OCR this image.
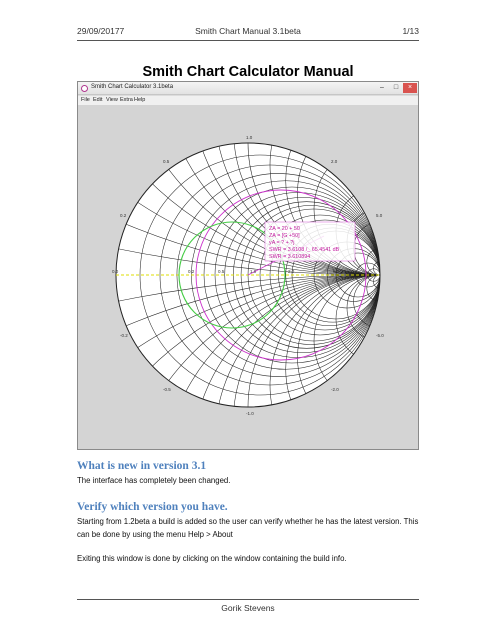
29/09/20177	Smith Chart Manual 3.1beta	1/13
Smith Chart Calculator Manual
Smith Chart Calculator 3.1beta	–	□	×
File Edit View Extra Help
0.2	0.5	1.0	2.0	5.0
0.2
0.5
1.0
2.0
5.0
-0.2
-0.5
-1.0
-2.0
-5.0
0.0
ZA = 20 + 50
ZA = [G +50]
yA = ? + ?j
SWR = 3.6108 /_ 65.4541 dB
SWR = 3.610894
What is new in version 3.1
The interface has completely been changed.
Verify which version you have.
Starting from 1.2beta a build is added so the user can verify whether he has the latest version. This can be done by using the menu Help > About
Exiting this window is done by clicking on the window containing the build info.
Gorik Stevens
